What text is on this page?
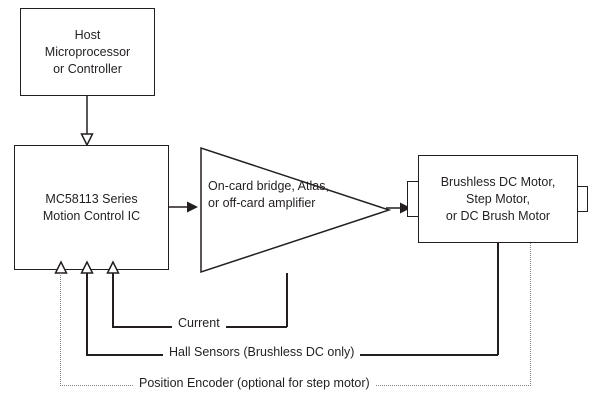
Host
Microprocessor
or Controller
MC58113 Series
Motion Control IC
On-card bridge, Atlas, or off-card amplifier
Brushless DC Motor,
Step Motor,
or DC Brush Motor
Current
Hall Sensors (Brushless DC only)
Position Encoder (optional for step motor)
